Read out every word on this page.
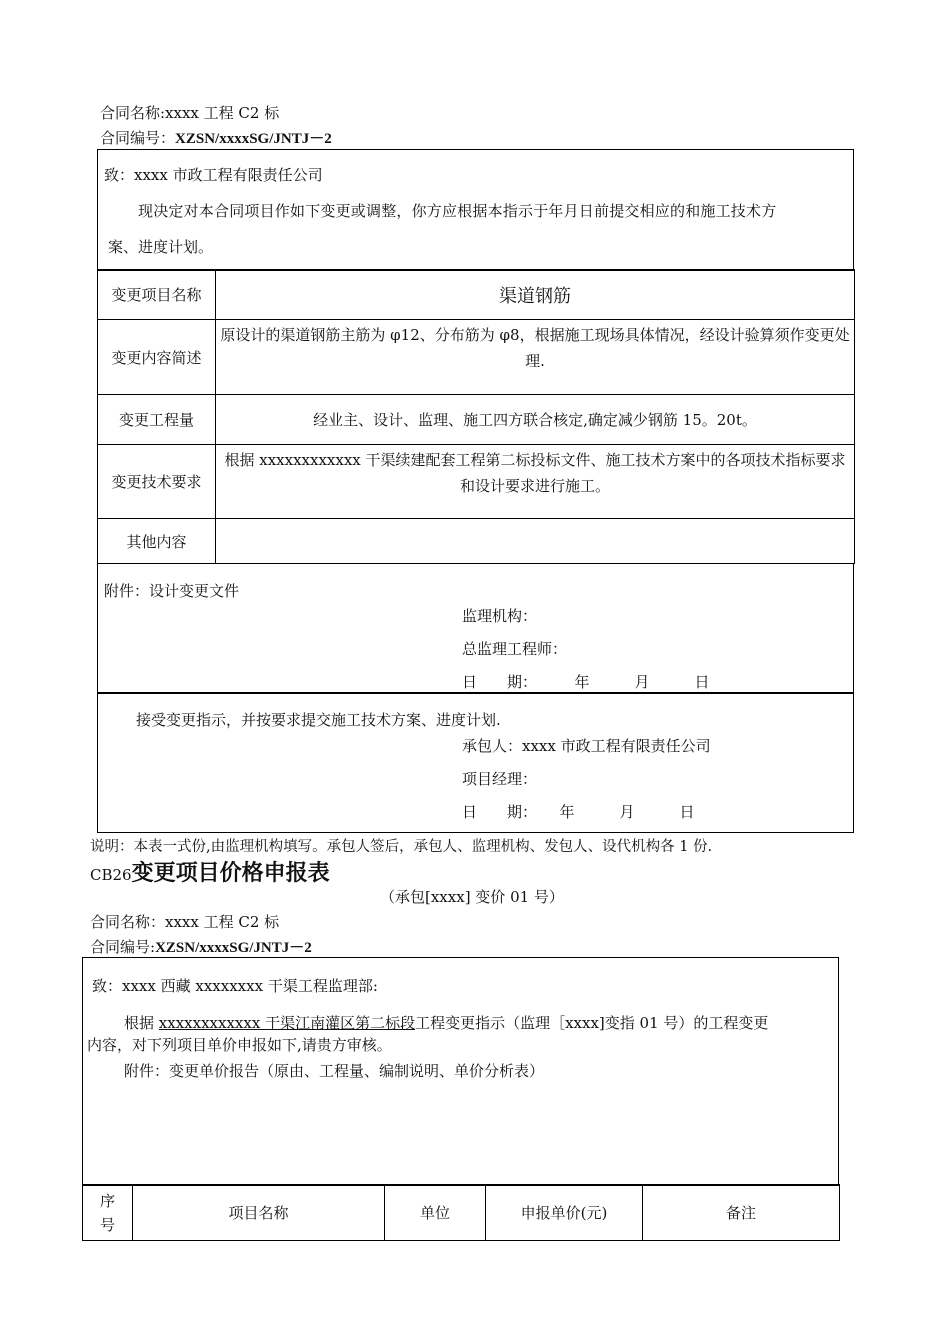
合同名称:xxxx 工程 C2 标
合同编号：XZSN/xxxxSG/JNTJ－2
致：xxxx 市政工程有限责任公司
现决定对本合同项目作如下变更或调整，你方应根据本指示于年月日前提交相应的和施工技术方
案、进度计划。
变更项目名称	渠道钢筋
变更内容简述	原设计的渠道钢筋主筋为 φ12、分布筋为 φ8，根据施工现场具体情况，经设计验算须作变更处理.
变更工程量	经业主、设计、监理、施工四方联合核定,确定减少钢筋 15。20t。
变更技术要求	根据 xxxxxxxxxxxx 干渠续建配套工程第二标投标文件、施工技术方案中的各项技术指标要求和设计要求进行施工。
其他内容	
附件：设计变更文件
监理机构：
总监理工程师：
日　　期：　　　年　　　月　　　日
接受变更指示，并按要求提交施工技术方案、进度计划.
承包人：xxxx 市政工程有限责任公司
项目经理：
日　　期：　　年　　　月　　　日
说明：本表一式份,由监理机构填写。承包人签后，承包人、监理机构、发包人、设代机构各 1 份.
CB26变更项目价格申报表
（承包[xxxx] 变价 01 号）
合同名称：xxxx 工程 C2 标
合同编号:XZSN/xxxxSG/JNTJ－2
致：xxxx 西藏 xxxxxxxx 干渠工程监理部:
根据 xxxxxxxxxxxx 干渠江南灌区第二标段工程变更指示（监理［xxxx]变指 01 号）的工程变更
内容，对下列项目单价申报如下,请贵方审核。
附件：变更单价报告（原由、工程量、编制说明、单价分析表）
序号	项目名称	单位	申报单价(元)	备注
